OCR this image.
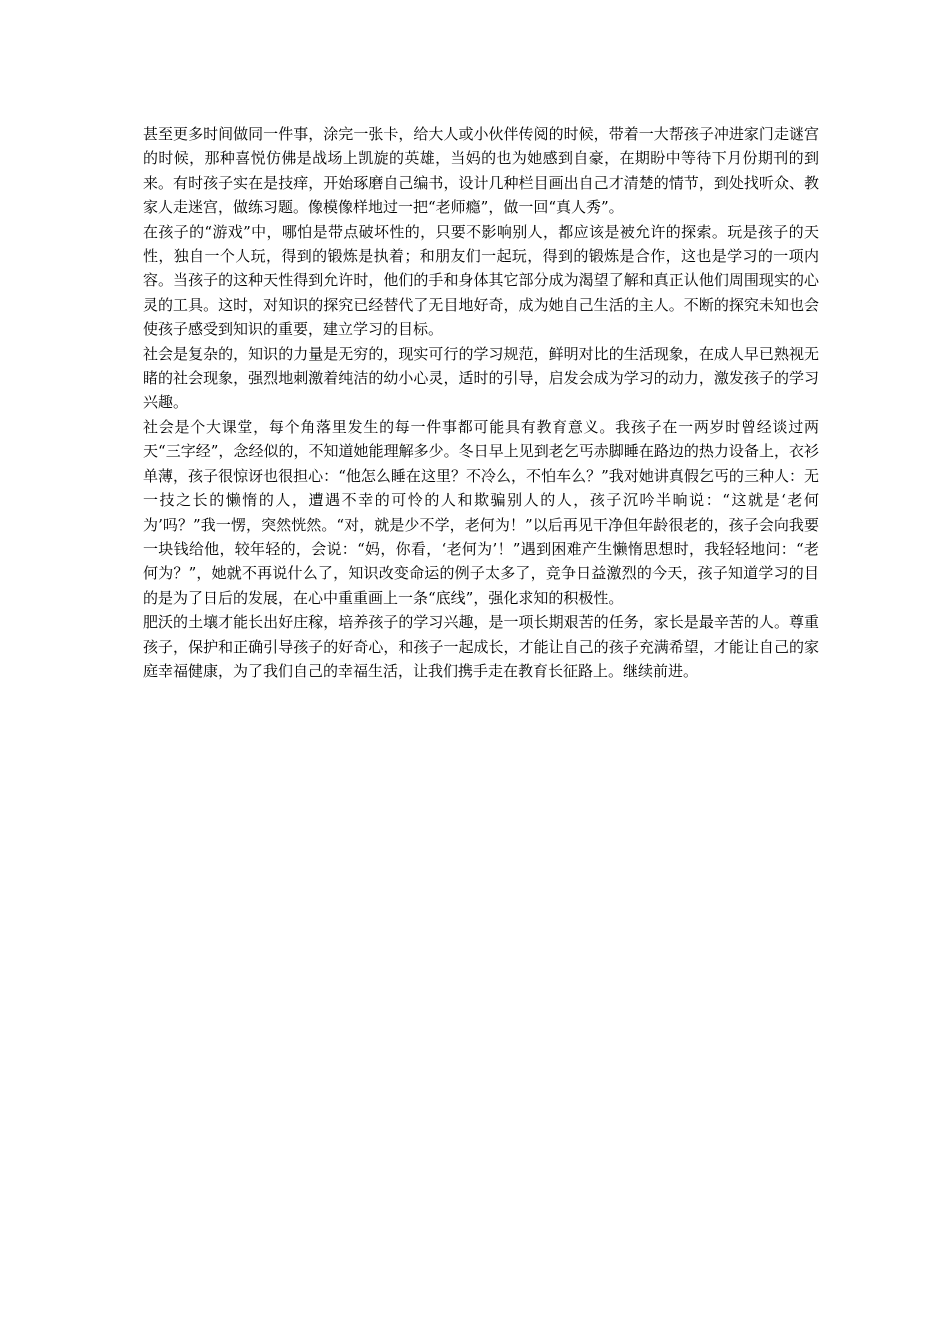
甚至更多时间做同一件事，涂完一张卡，给大人或小伙伴传阅的时候，带着一大帮孩子冲进家门走谜宫的时候，那种喜悦仿佛是战场上凯旋的英雄，当妈的也为她感到自豪，在期盼中等待下月份期刊的到来。有时孩子实在是技痒，开始琢磨自己编书，设计几种栏目画出自己才清楚的情节，到处找听众、教家人走迷宫，做练习题。像模像样地过一把“老师瘾”，做一回“真人秀”。

在孩子的“游戏”中，哪怕是带点破坏性的，只要不影响别人，都应该是被允许的探索。玩是孩子的天性，独自一个人玩，得到的锻炼是执着；和朋友们一起玩，得到的锻炼是合作，这也是学习的一项内容。当孩子的这种天性得到允许时，他们的手和身体其它部分成为渴望了解和真正认他们周围现实的心灵的工具。这时，对知识的探究已经替代了无目地好奇，成为她自己生活的主人。不断的探究未知也会使孩子感受到知识的重要，建立学习的目标。

社会是复杂的，知识的力量是无穷的，现实可行的学习规范，鲜明对比的生活现象，在成人早已熟视无睹的社会现象，强烈地刺激着纯洁的幼小心灵，适时的引导，启发会成为学习的动力，激发孩子的学习兴趣。

社会是个大课堂，每个角落里发生的每一件事都可能具有教育意义。我孩子在一两岁时曾经谈过两天“三字经”，念经似的，不知道她能理解多少。冬日早上见到老乞丐赤脚睡在路边的热力设备上，衣衫单薄，孩子很惊讶也很担心：“他怎么睡在这里？不冷么，不怕车么？”我对她讲真假乞丐的三种人：无一技之长的懒惰的人，遭遇不幸的可怜的人和欺骗别人的人，孩子沉吟半晌说：“这就是‘老何为’吗？”我一愣，突然恍然。“对，就是少不学，老何为！”以后再见干净但年龄很老的，孩子会向我要一块钱给他，较年轻的，会说：“妈，你看，‘老何为’！”遇到困难产生懒惰思想时，我轻轻地问：“老何为？”，她就不再说什么了，知识改变命运的例子太多了，竞争日益激烈的今天，孩子知道学习的目的是为了日后的发展，在心中重重画上一条“底线”，强化求知的积极性。

肥沃的土壤才能长出好庄稼，培养孩子的学习兴趣，是一项长期艰苦的任务，家长是最辛苦的人。尊重孩子，保护和正确引导孩子的好奇心，和孩子一起成长，才能让自己的孩子充满希望，才能让自己的家庭幸福健康，为了我们自己的幸福生活，让我们携手走在教育长征路上。继续前进。
